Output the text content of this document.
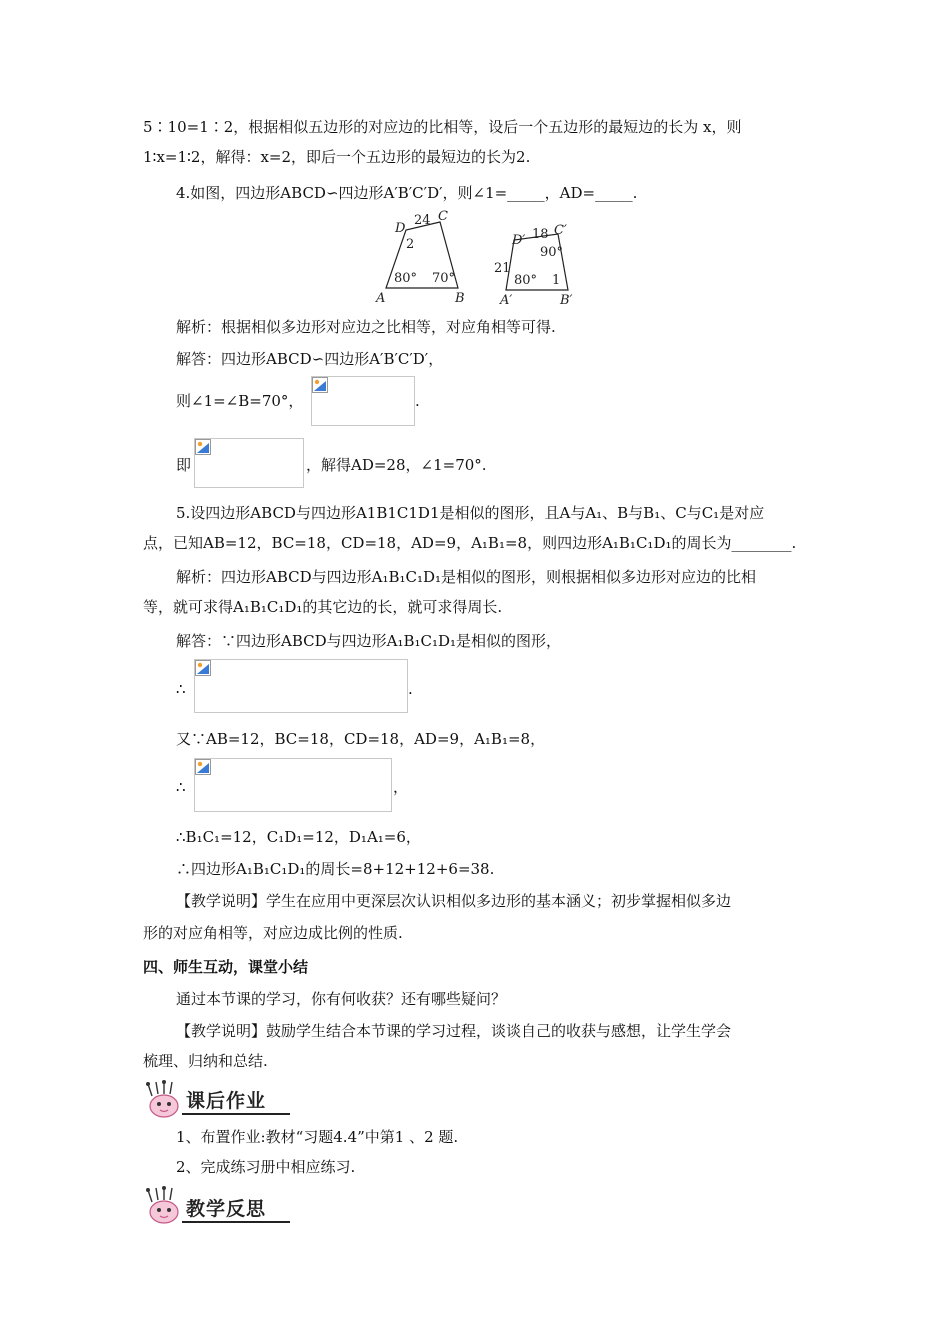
5∶10=1∶2，根据相似五边形的对应边的比相等，设后一个五边形的最短边的长为 x，则
1∶x=1∶2，解得：x=2，即后一个五边形的最短边的长为2.
4.如图，四边形ABCD∽四边形A′B′C′D′，则∠1=_____，AD=_____.
A	B
C
D
24
2
80° 70°
A′	B′
C′
D′ 18
21
80°
90°
1
解析：根据相似多边形对应边之比相等，对应角相等可得.
解答：四边形ABCD∽四边形A′B′C′D′，
则∠1=∠B=70°，	.
即	，解得AD=28，∠1=70°.
5.设四边形ABCD与四边形A1B1C1D1是相似的图形，且A与A₁、B与B₁、C与C₁是对应
点，已知AB=12，BC=18，CD=18，AD=9，A₁B₁=8，则四边形A₁B₁C₁D₁的周长为________.
解析：四边形ABCD与四边形A₁B₁C₁D₁是相似的图形，则根据相似多边形对应边的比相
等，就可求得A₁B₁C₁D₁的其它边的长，就可求得周长.
解答：∵四边形ABCD与四边形A₁B₁C₁D₁是相似的图形，
∴	.
又∵AB=12，BC=18，CD=18，AD=9，A₁B₁=8，
∴	，
∴B₁C₁=12，C₁D₁=12，D₁A₁=6，
∴四边形A₁B₁C₁D₁的周长=8+12+12+6=38.
【教学说明】学生在应用中更深层次认识相似多边形的基本涵义；初步掌握相似多边
形的对应角相等，对应边成比例的性质.
四、师生互动，课堂小结
通过本节课的学习，你有何收获？还有哪些疑问？
【教学说明】鼓励学生结合本节课的学习过程，谈谈自己的收获与感想，让学生学会
梳理、归纳和总结.
课后作业
1、布置作业:教材“习题4.4”中第1 、2 题.
2、完成练习册中相应练习.
教学反思
